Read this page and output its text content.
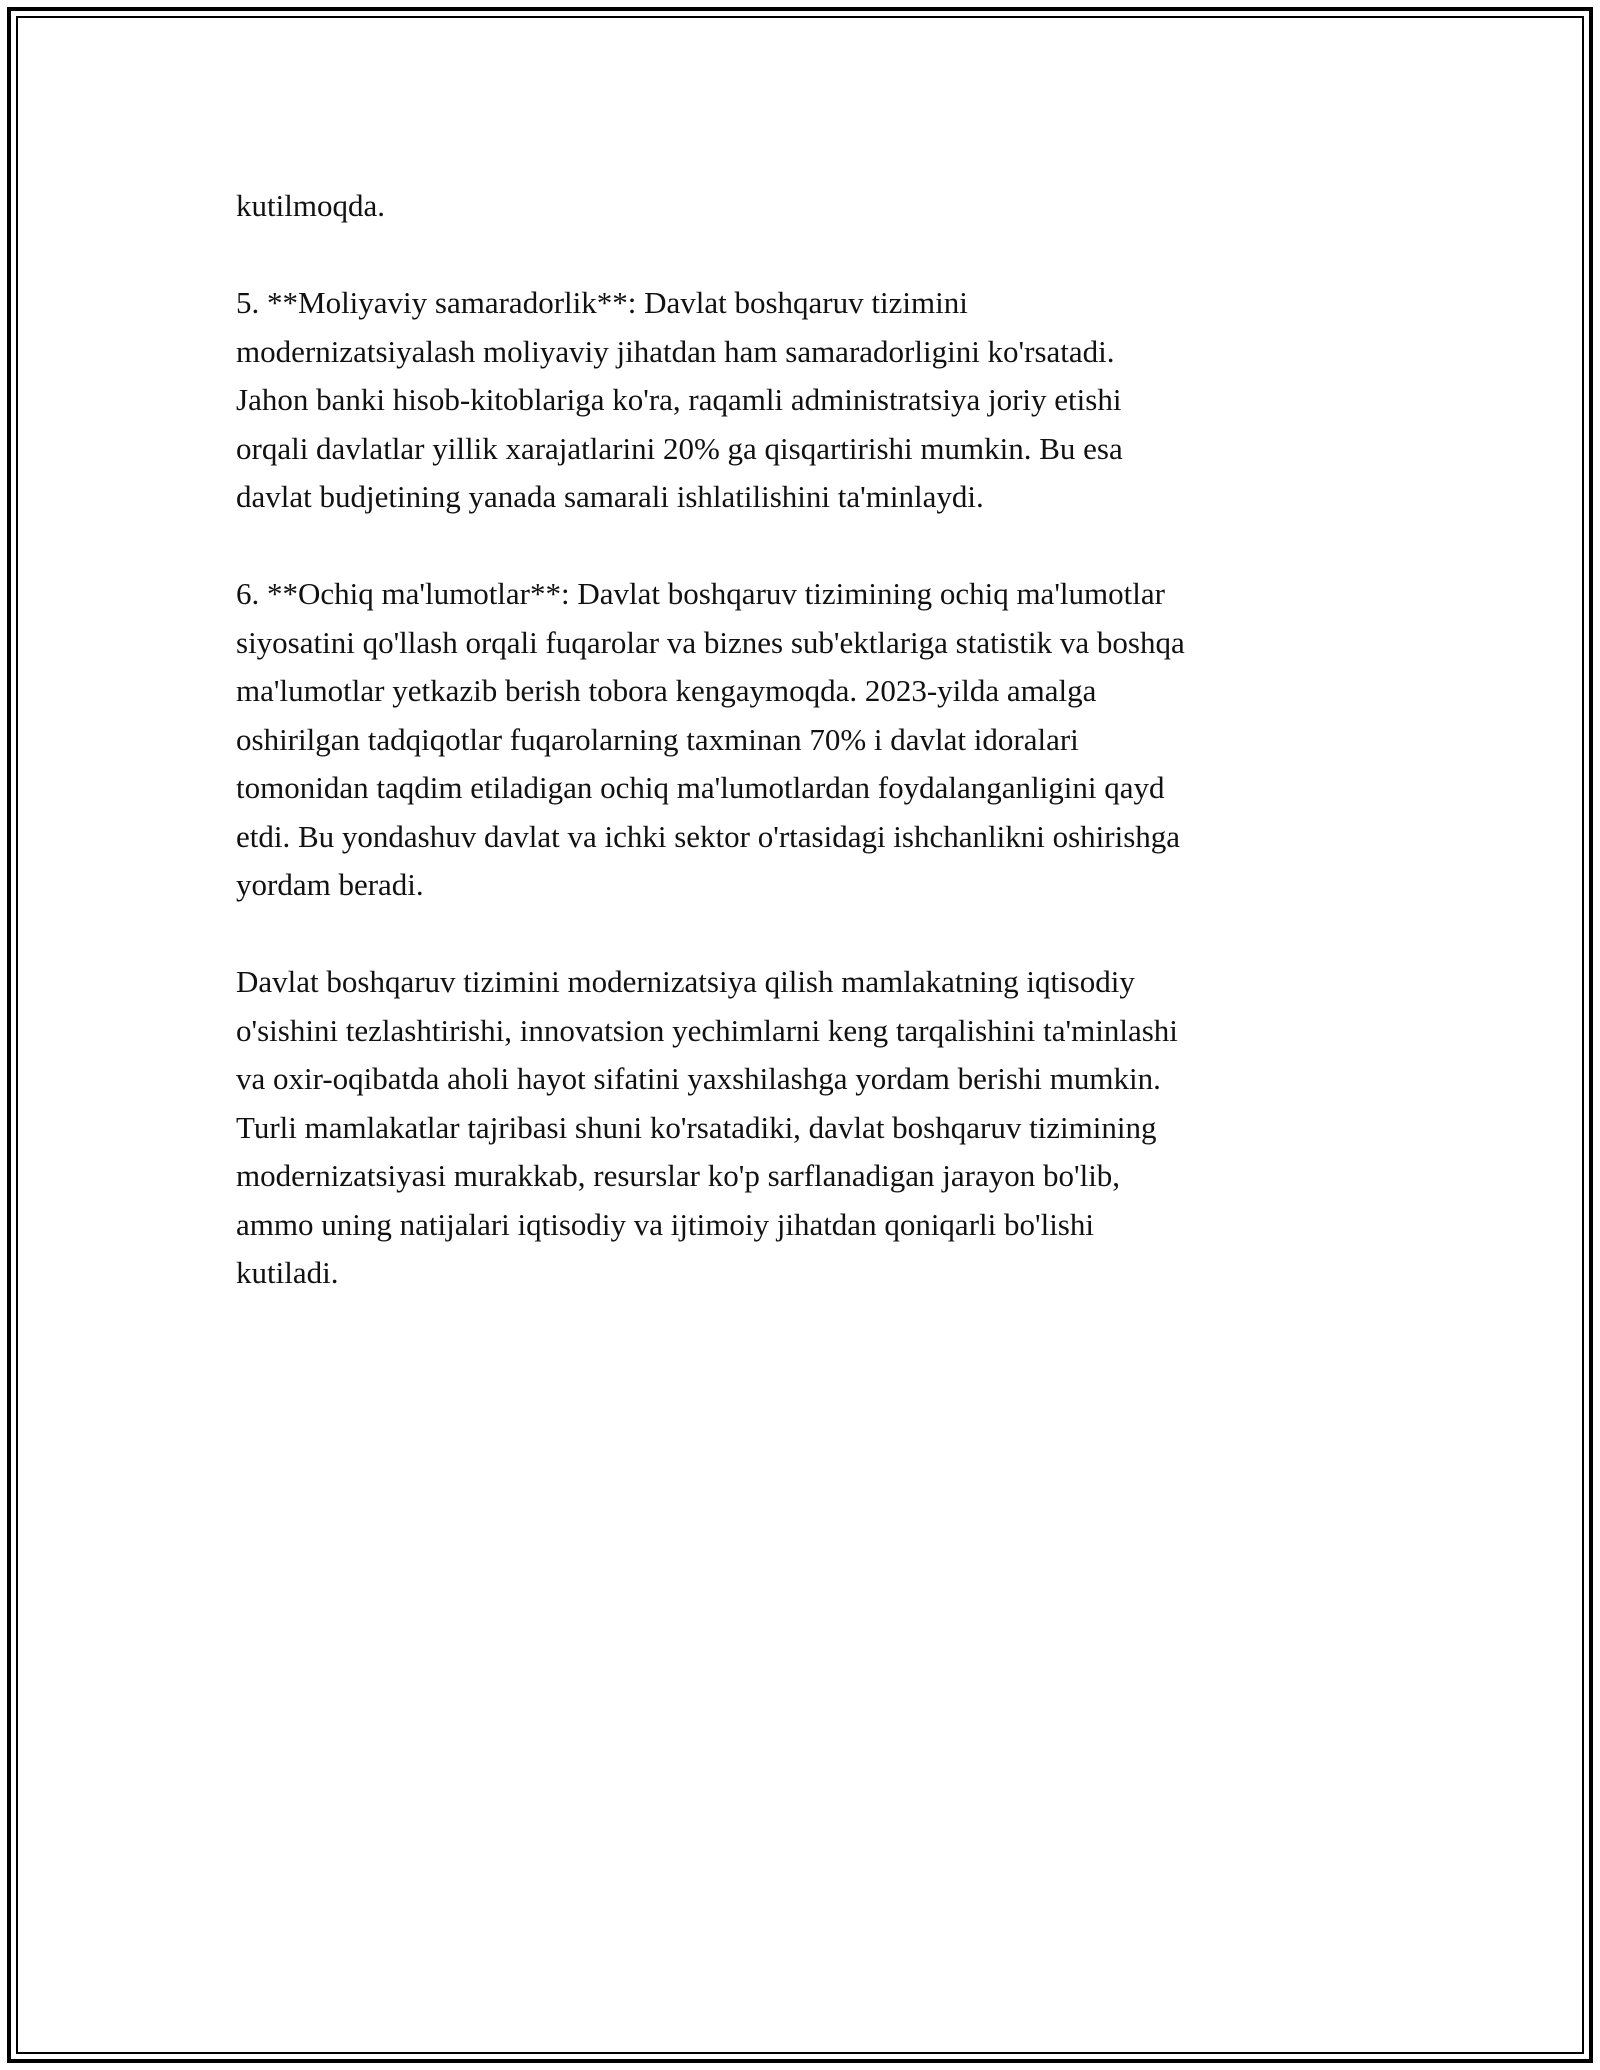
kutilmoqda.

5. **Moliyaviy samaradorlik**: Davlat boshqaruv tizimini
modernizatsiyalash moliyaviy jihatdan ham samaradorligini ko'rsatadi.
Jahon banki hisob-kitoblariga ko'ra, raqamli administratsiya joriy etishi
orqali davlatlar yillik xarajatlarini 20% ga qisqartirishi mumkin. Bu esa
davlat budjetining yanada samarali ishlatilishini ta'minlaydi.

6. **Ochiq ma'lumotlar**: Davlat boshqaruv tizimining ochiq ma'lumotlar
siyosatini qo'llash orqali fuqarolar va biznes sub'ektlariga statistik va boshqa
ma'lumotlar yetkazib berish tobora kengaymoqda. 2023-yilda amalga
oshirilgan tadqiqotlar fuqarolarning taxminan 70% i davlat idoralari
tomonidan taqdim etiladigan ochiq ma'lumotlardan foydalanganligini qayd
etdi. Bu yondashuv davlat va ichki sektor o'rtasidagi ishchanlikni oshirishga
yordam beradi.

Davlat boshqaruv tizimini modernizatsiya qilish mamlakatning iqtisodiy
o'sishini tezlashtirishi, innovatsion yechimlarni keng tarqalishini ta'minlashi
va oxir-oqibatda aholi hayot sifatini yaxshilashga yordam berishi mumkin.
Turli mamlakatlar tajribasi shuni ko'rsatadiki, davlat boshqaruv tizimining
modernizatsiyasi murakkab, resurslar ko'p sarflanadigan jarayon bo'lib,
ammo uning natijalari iqtisodiy va ijtimoiy jihatdan qoniqarli bo'lishi
kutiladi.
